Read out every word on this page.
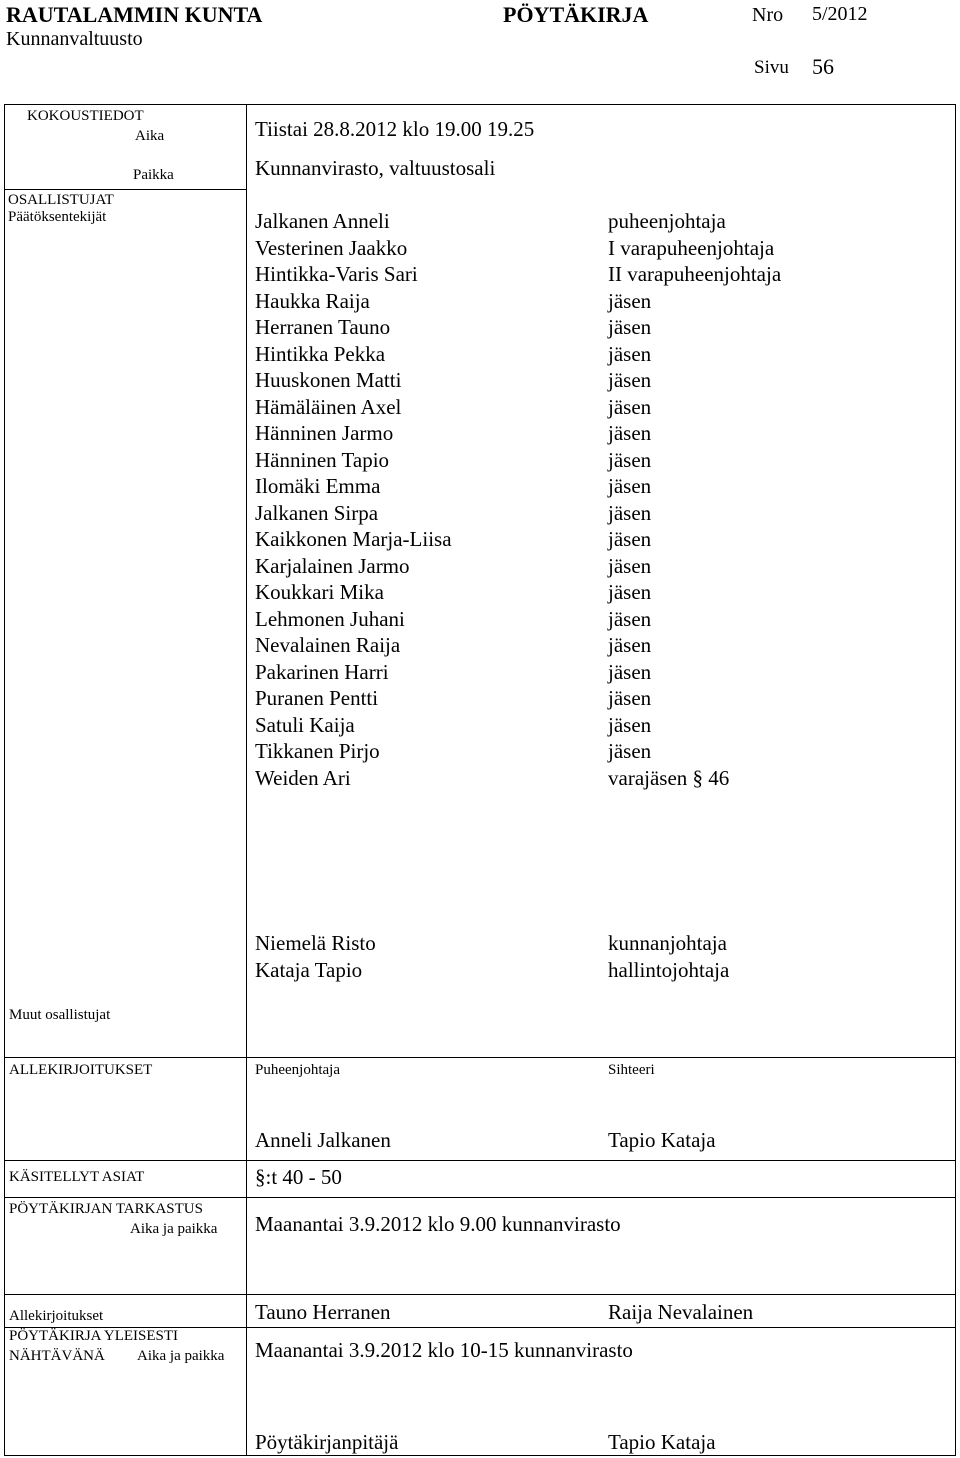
RAUTALAMMIN KUNTA	PÖYTÄKIRJA	Nro 5/2012
Kunnanvaltuusto
Sivu 56
KOKOUSTIEDOT
Aika	Tiistai 28.8.2012 klo 19.00 19.25
Paikka	Kunnanvirasto, valtuustosali
OSALLISTUJAT
Päätöksentekijät	Jalkanen Anneli	puheenjohtaja
Vesterinen Jaakko	I varapuheenjohtaja
Hintikka-Varis Sari	II varapuheenjohtaja
Haukka Raija	jäsen
Herranen Tauno	jäsen
Hintikka Pekka	jäsen
Huuskonen Matti	jäsen
Hämäläinen Axel	jäsen
Hänninen Jarmo	jäsen
Hänninen Tapio	jäsen
Ilomäki Emma	jäsen
Jalkanen Sirpa	jäsen
Kaikkonen Marja-Liisa	jäsen
Karjalainen Jarmo	jäsen
Koukkari Mika	jäsen
Lehmonen Juhani	jäsen
Nevalainen Raija	jäsen
Pakarinen Harri	jäsen
Puranen Pentti	jäsen
Satuli Kaija	jäsen
Tikkanen Pirjo	jäsen
Weiden Ari	varajäsen § 46
Niemelä Risto	kunnanjohtaja
Kataja Tapio	hallintojohtaja
Muut osallistujat
ALLEKIRJOITUKSET	Puheenjohtaja	Sihteeri
Anneli Jalkanen	Tapio Kataja
KÄSITELLYT ASIAT	§:t 40 - 50
PÖYTÄKIRJAN TARKASTUS
Aika ja paikka Maanantai 3.9.2012 klo 9.00 kunnanvirasto
Allekirjoitukset	Tauno Herranen	Raija Nevalainen
PÖYTÄKIRJA YLEISESTI
NÄHTÄVÄNÄ Aika ja paikka Maanantai 3.9.2012 klo 10-15 kunnanvirasto
Pöytäkirjanpitäjä	Tapio Kataja
